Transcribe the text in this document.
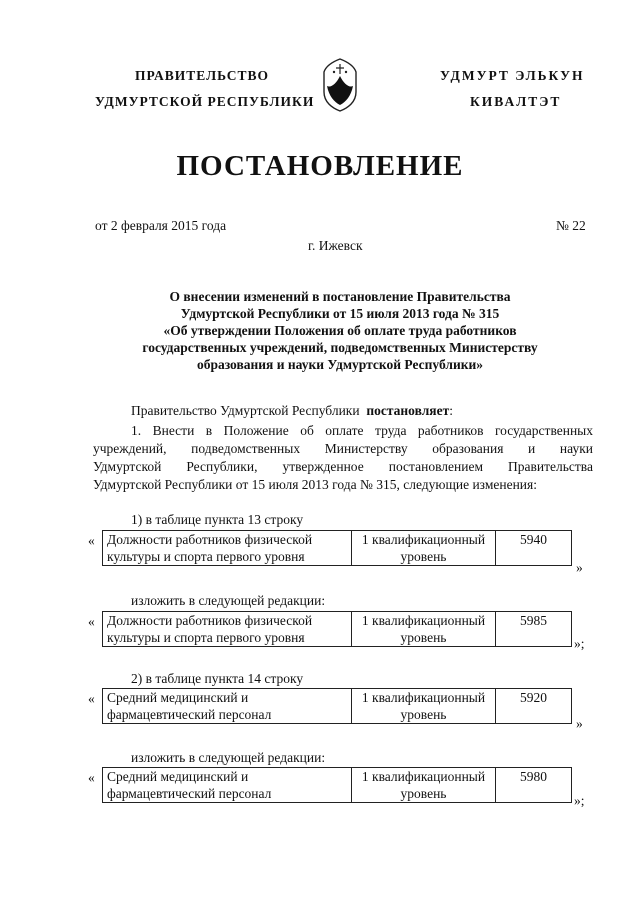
ПРАВИТЕЛЬСТВО
УДМУРТСКОЙ РЕСПУБЛИКИ
УДМУРТ ЭЛЬКУН
КИВАЛТЭТ
ПОСТАНОВЛЕНИЕ
от 2 февраля 2015 года	№ 22
г. Ижевск
О внесении изменений в постановление Правительства
Удмуртской Республики от 15 июля 2013 года № 315
«Об утверждении Положения об оплате труда работников
государственных учреждений, подведомственных Министерству
образования и науки Удмуртской Республики»
Правительство Удмуртской Республики постановляет:
1. Внести в Положение об оплате труда работников государственных
учреждений, подведомственных Министерству образования и науки
Удмуртской Республики, утвержденное постановлением Правительства
Удмуртской Республики от 15 июля 2013 года № 315, следующие изменения:
1) в таблице пункта 13 строку
« Должности работников физической культуры и спорта первого уровня	1 квалификационный уровень	5940
»
изложить в следующей редакции:
« Должности работников физической культуры и спорта первого уровня	1 квалификационный уровень	5985
»;
2) в таблице пункта 14 строку
« Средний медицинский и фармацевтический персонал	1 квалификационный уровень	5920
»
изложить в следующей редакции:
« Средний медицинский и фармацевтический персонал	1 квалификационный уровень	5980
»;
